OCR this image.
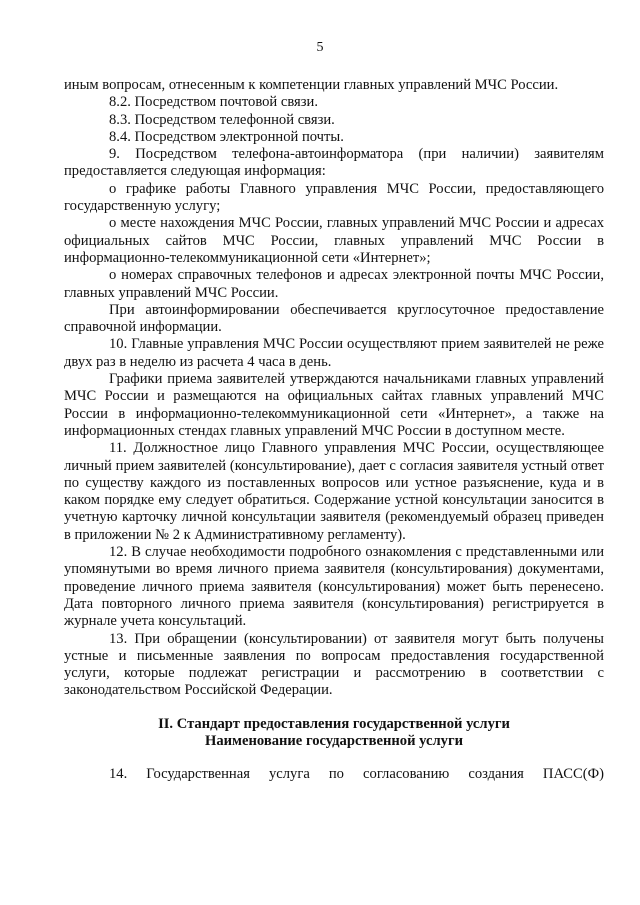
5

иным вопросам, отнесенным к компетенции главных управлений МЧС России.

8.2. Посредством почтовой связи.

8.3. Посредством телефонной связи.

8.4. Посредством электронной почты.

9. Посредством телефона-автоинформатора (при наличии) заявителям предоставляется следующая информация:

о графике работы Главного управления МЧС России, предоставляющего государственную услугу;

о месте нахождения МЧС России, главных управлений МЧС России и адресах официальных сайтов МЧС России, главных управлений МЧС России в информационно-телекоммуникационной сети «Интернет»;

о номерах справочных телефонов и адресах электронной почты МЧС России, главных управлений МЧС России.

При автоинформировании обеспечивается круглосуточное предоставление справочной информации.

10. Главные управления МЧС России осуществляют прием заявителей не реже двух раз в неделю из расчета 4 часа в день.

Графики приема заявителей утверждаются начальниками главных управлений МЧС России и размещаются на официальных сайтах главных управлений МЧС России в информационно-телекоммуникационной сети «Интернет», а также на информационных стендах главных управлений МЧС России в доступном месте.

11. Должностное лицо Главного управления МЧС России, осуществляющее личный прием заявителей (консультирование), дает с согласия заявителя устный ответ по существу каждого из поставленных вопросов или устное разъяснение, куда и в каком порядке ему следует обратиться. Содержание устной консультации заносится в учетную карточку личной консультации заявителя (рекомендуемый образец приведен в приложении № 2 к Административному регламенту).

12. В случае необходимости подробного ознакомления с представленными или упомянутыми во время личного приема заявителя (консультирования) документами, проведение личного приема заявителя (консультирования) может быть перенесено. Дата повторного личного приема заявителя (консультирования) регистрируется в журнале учета консультаций.

13. При обращении (консультировании) от заявителя могут быть получены устные и письменные заявления по вопросам предоставления государственной услуги, которые подлежат регистрации и рассмотрению в соответствии с законодательством Российской Федерации.

II. Стандарт предоставления государственной услуги

Наименование государственной услуги

14. Государственная услуга по согласованию создания ПАСС(Ф)
